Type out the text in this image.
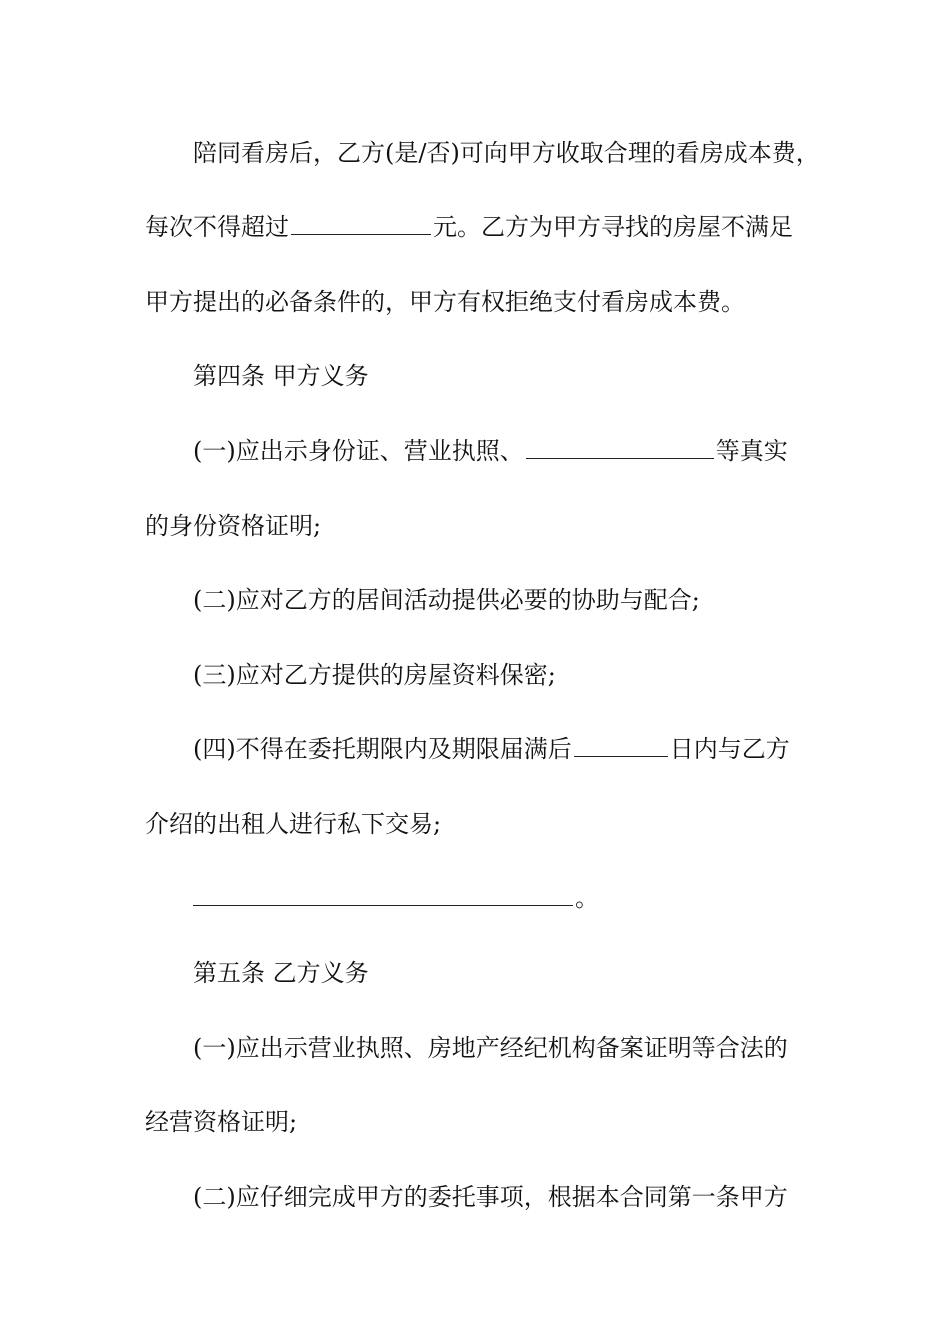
陪同看房后，乙方(是/否)可向甲方收取合理的看房成本费，
每次不得超过	元。乙方为甲方寻找的房屋不满足
甲方提出的必备条件的，甲方有权拒绝支付看房成本费。
第四条 甲方义务
(一)应出示身份证、营业执照、	等真实
的身份资格证明;
(二)应对乙方的居间活动提供必要的协助与配合;
(三)应对乙方提供的房屋资料保密;
(四)不得在委托期限内及期限届满后	日内与乙方
介绍的出租人进行私下交易;
。
第五条 乙方义务
(一)应出示营业执照、房地产经纪机构备案证明等合法的
经营资格证明;
(二)应仔细完成甲方的委托事项，根据本合同第一条甲方
